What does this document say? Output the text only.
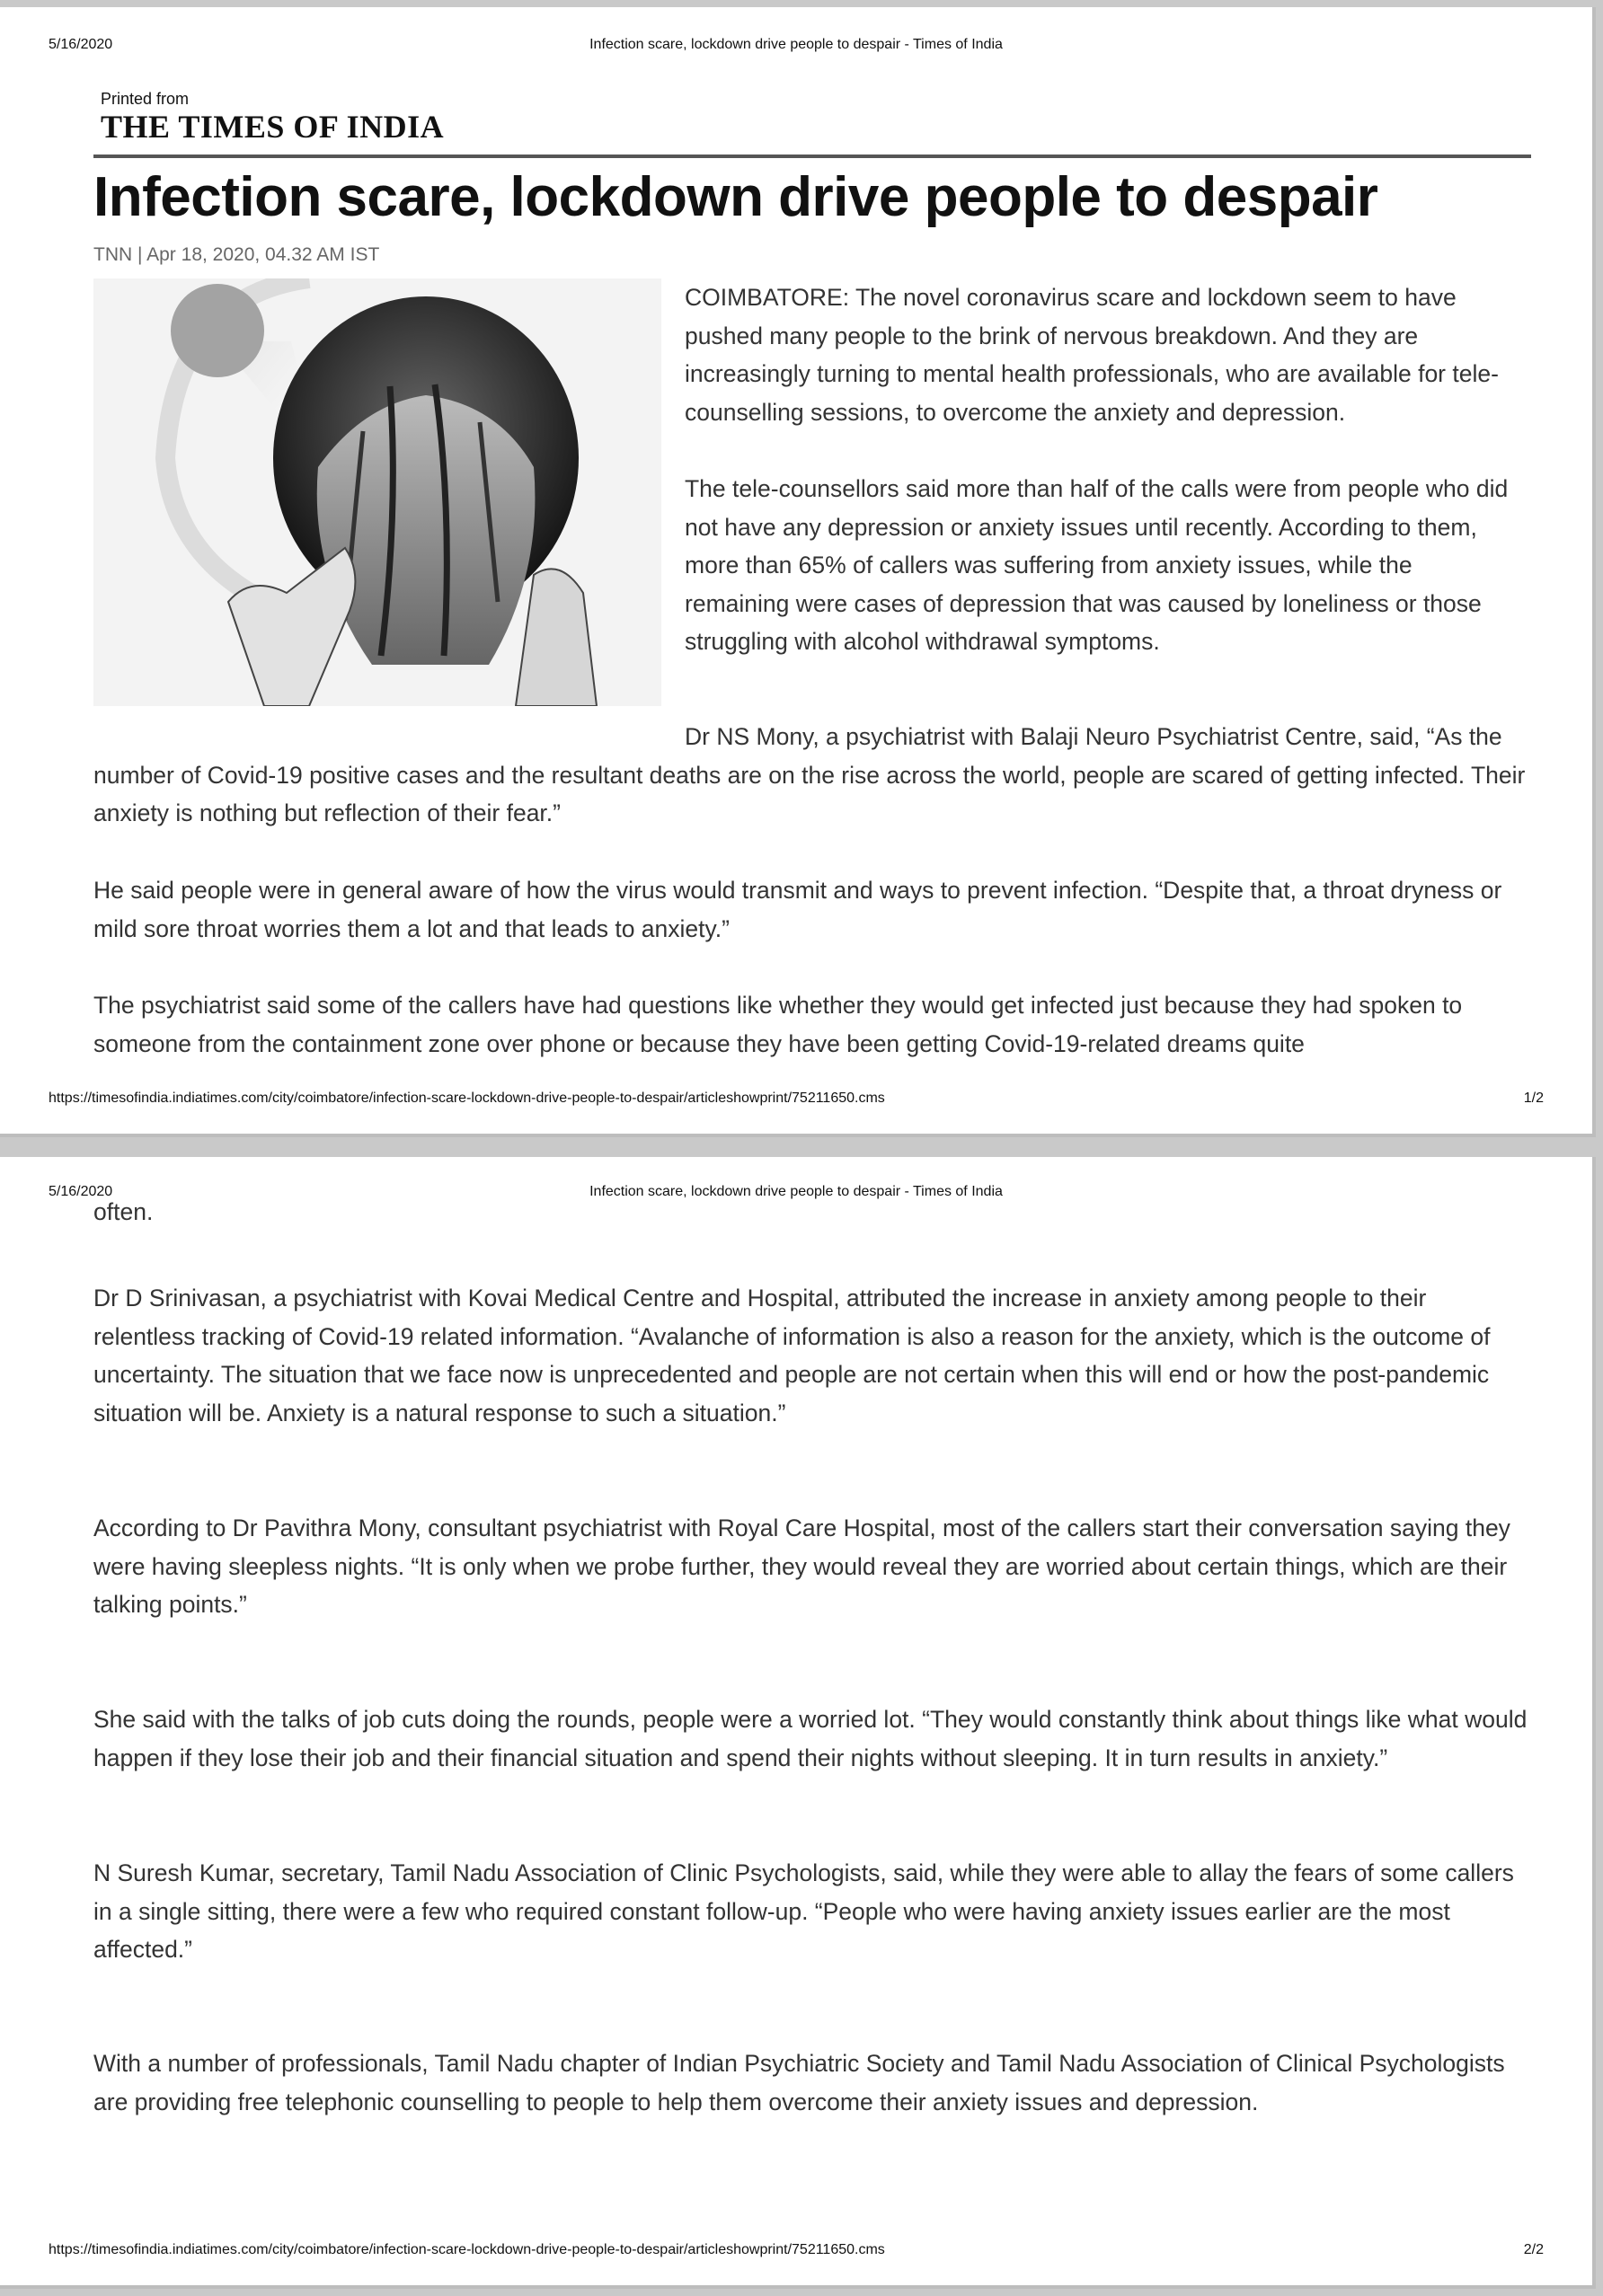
5/16/2020	Infection scare, lockdown drive people to despair - Times of India
Printed from
THE TIMES OF INDIA
Infection scare, lockdown drive people to despair
TNN | Apr 18, 2020, 04.32 AM IST

COIMBATORE: The novel coronavirus scare and lockdown seem to have pushed many people to the brink of nervous breakdown. And they are increasingly turning to mental health professionals, who are available for tele-counselling sessions, to overcome the anxiety and depression.

The tele-counsellors said more than half of the calls were from people who did not have any depression or anxiety issues until recently. According to them, more than 65% of callers was suffering from anxiety issues, while the remaining were cases of depression that was caused by loneliness or those struggling with alcohol withdrawal symptoms.

Dr NS Mony, a psychiatrist with Balaji Neuro Psychiatrist Centre, said, “As the number of Covid-19 positive cases and the resultant deaths are on the rise across the world, people are scared of getting infected. Their anxiety is nothing but reflection of their fear.”

He said people were in general aware of how the virus would transmit and ways to prevent infection. “Despite that, a throat dryness or mild sore throat worries them a lot and that leads to anxiety.”

The psychiatrist said some of the callers have had questions like whether they would get infected just because they had spoken to someone from the containment zone over phone or because they have been getting Covid-19-related dreams quite

https://timesofindia.indiatimes.com/city/coimbatore/infection-scare-lockdown-drive-people-to-despair/articleshowprint/75211650.cms	1/2
5/16/2020	Infection scare, lockdown drive people to despair - Times of India

often.

Dr D Srinivasan, a psychiatrist with Kovai Medical Centre and Hospital, attributed the increase in anxiety among people to their relentless tracking of Covid-19 related information. “Avalanche of information is also a reason for the anxiety, which is the outcome of uncertainty. The situation that we face now is unprecedented and people are not certain when this will end or how the post-pandemic situation will be. Anxiety is a natural response to such a situation.”

According to Dr Pavithra Mony, consultant psychiatrist with Royal Care Hospital, most of the callers start their conversation saying they were having sleepless nights. “It is only when we probe further, they would reveal they are worried about certain things, which are their talking points.”

She said with the talks of job cuts doing the rounds, people were a worried lot. “They would constantly think about things like what would happen if they lose their job and their financial situation and spend their nights without sleeping. It in turn results in anxiety.”

N Suresh Kumar, secretary, Tamil Nadu Association of Clinic Psychologists, said, while they were able to allay the fears of some callers in a single sitting, there were a few who required constant follow-up. “People who were having anxiety issues earlier are the most affected.”

With a number of professionals, Tamil Nadu chapter of Indian Psychiatric Society and Tamil Nadu Association of Clinical Psychologists are providing free telephonic counselling to people to help them overcome their anxiety issues and depression.

https://timesofindia.indiatimes.com/city/coimbatore/infection-scare-lockdown-drive-people-to-despair/articleshowprint/75211650.cms	2/2
